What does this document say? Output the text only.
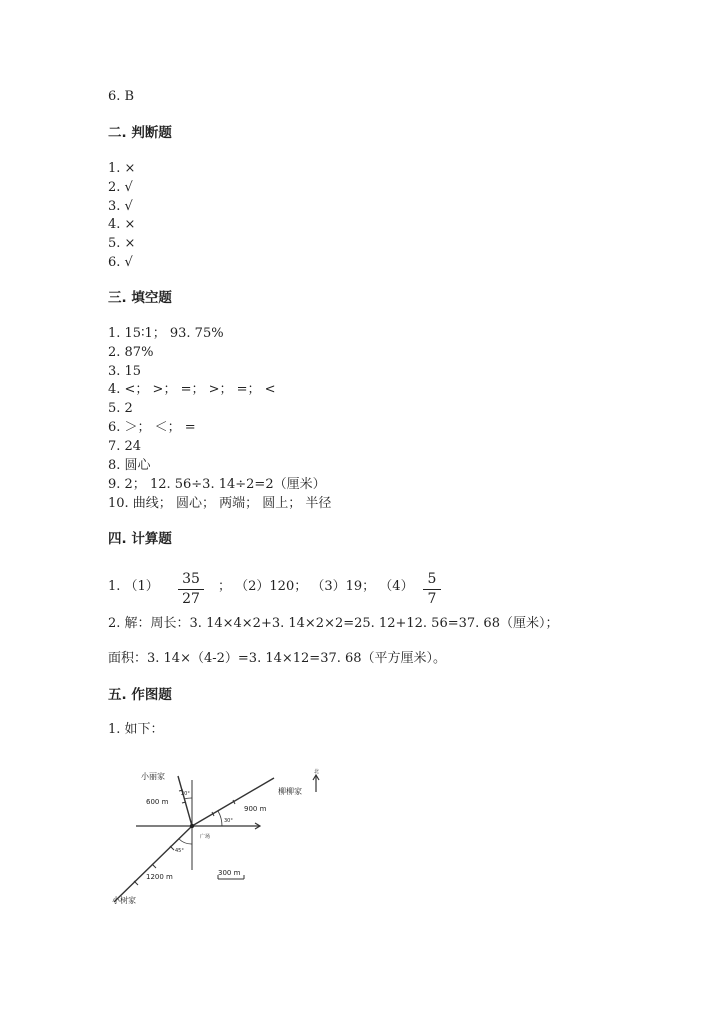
6. B
二. 判断题
1. ×
2. √
3. √
4. ×
5. ×
6. √
三. 填空题
1. 15∶1； 93. 75%
2. 87%
3. 15
4. <； >； =； >； =； <
5. 2
6. ＞； ＜； =
7. 24
8. 圆心
9. 2； 12. 56÷3. 14÷2=2（厘米）
10. 曲线； 圆心； 两端； 圆上； 半径
四. 计算题
1. （1） 35
27
； （2）120； （3）19； （4） 5
7
2. 解：周长：3. 14×4×2+3. 14×2×2=25. 12+12. 56=37. 68（厘米）；
面积：3. 14×（4-2）=3. 14×12=37. 68（平方厘米）。
五. 作图题
1. 如下：
小丽家
柳柳家
小树家
广场
北
600 m
900 m
1200 m	300 m
20°
30°
45°
